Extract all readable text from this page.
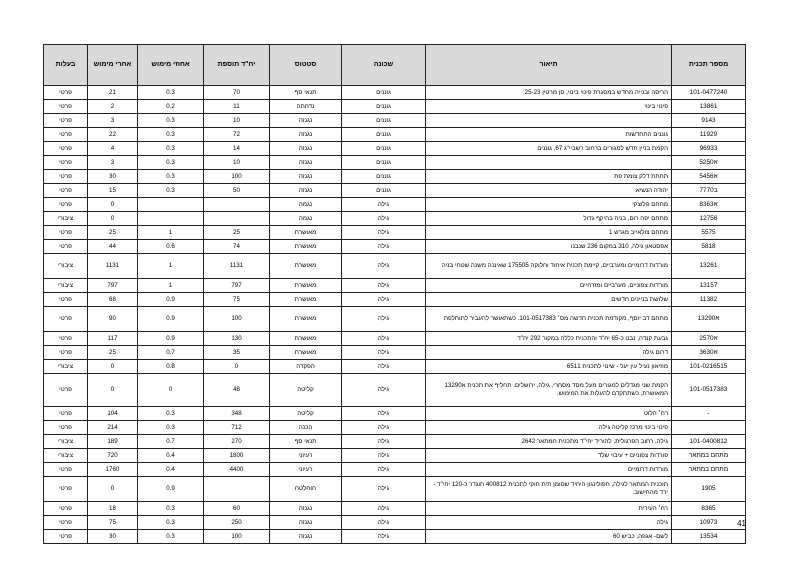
מספר תכנית	תיאור	שכונה	סטטוס	יח"ד תוספת	אחוזי מימוש	אחרי מימוש	בעלות
101-0477240	הריסה ובנייה מחדש במסגרת פינוי בינוי, סן מרטין 25-23	גוננים	תנאי סף	70	0.3	21	פרטי
13861	פינוי בינוי	גוננים	נדחתה	11	0.2	2	פרטי
9143		גוננים	נגנזה	10	0.3	3	פרטי
11929	גוננים התחדשות	גוננים	נגנזה	72	0.3	22	פרטי
96933	הקמת בניין חדש למגורים ברחוב רשביי"ג 67, גוננים	גוננים	נגנזה	14	0.3	4	פרטי
א5250		גוננים	נגנזה	10	0.3	3	פרטי
א5456	תחתת דלק צומת פת	גוננים	נגנזה	100	0.3	30	פרטי
ב7770	יהודה הנשיא	גוננים	נגנזה	50	0.3	15	פרטי
א8363	מתחם פלוצקי	גילה	נגמה			0	פרטי
12756	מתחם יפה רום, בניה בהיקף גדול	גילה	נגמה			0	ציבורי
5575	מתחם צולאייב מגרש 1	גילה	מאושרת	25	1	25	פרטי
5818	אפסטאון גילה, 310 במקום 236 שנבנו	גילה	מאושרת	74	0.6	44	פרטי
13261	מורדות דרומיים ומערביים, קיימת תכנית איחוד וחלוקה 175505 שאיננה משנה שטחי בניה	גילה	מאושרת	1131	1	1131	ציבורי
13157	מורדות צפוניים, מערביים ומזרחיים	גילה	מאושרת	797	1	797	ציבורי
11382	שלושת בניינים חדשים	גילה	מאושרת	75	0.9	68	פרטי
א13290	מתחם דב יוסף, מקודמת תכנית חדשה מס׳ 101-0517383. כשתאושר להעביר לתוחלפת	גילה	מאושרת	100	0.9	90	פרטי
א2570	גבעת קנדה, נבנו כ-65 יח"ד והתכנית כללה במקור 292 יח"ד	גילה	מאושרת	130	0.9	117	פרטי
א3630	דרום גילה	גילה	מאושרת	35	0.7	25	פרטי
101-0216515	מוזיאון נעיל עין יעל - שינוי לתכנית 6511	גילה	הפקדה	0	0.8	0	ציבורי
101-0517383	הקמת שני מגדלים למגורים מעל מסד מסחרי, גילה, ירושלים. תחליף את תכנית א13290 המאושרת, כשתתקדם להעלות את המימוש.	גילה	קליטה	48	0	0	פרטי
-	רח׳ הלוט	גילה	קליטה	348	0.3	104	פרטי
	פינוי בינוי מרכז קליטה גילה	גילה	הכנה	712	0.3	214	פרטי
101-0400812	גילה, רחוב הפרגולית, להוריד יחי"ד מתכנית חמתאר 2642	גילה	תנאי סף	270	0.7	189	ציבורי
מתחם במתאר	פורדות צפוניים + עיבוי שלד	גילה	רעיוני	1800	0.4	720	ציבורי
מתחם במתאר	מורדות דרומיים	גילה	רעיוני	4400	0.4	1760	פרטי
1905	תוכנית המתאר לגילה, חפולינגון היחיד שסומן תית חוקי לתכנית 400812 חוגדר כ-120 יחי"ד - ירד מהחישוב.	גילה	חוחלטח		0.9	0	פרטי
8365	רח׳ העירית	גילה	נגנזה	60	0.3	18	פרטי
10973	גילה	גילה	נגנזה	250	0.3	75	פרטי
13534	לשם- אגפה, כביש 60	גילה	נגנזה	100	0.3	30	פרטי
41
